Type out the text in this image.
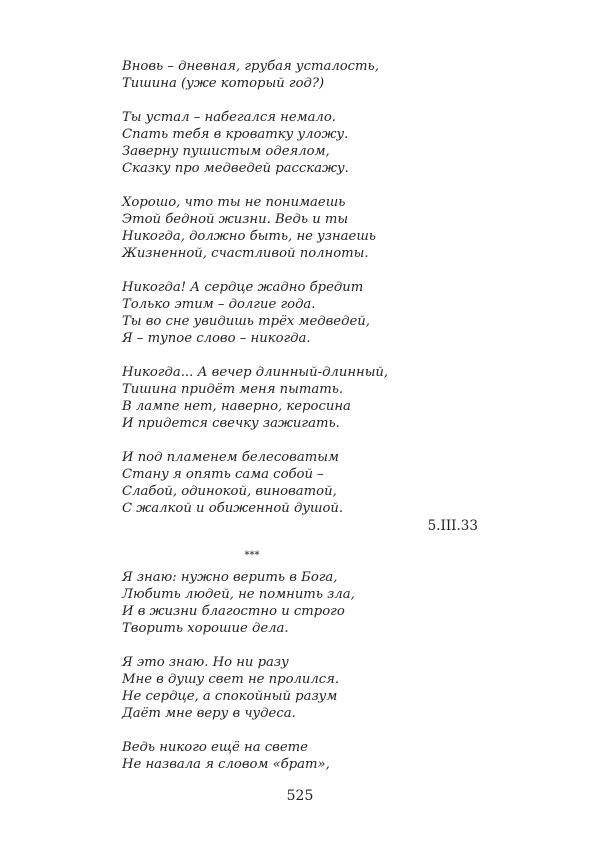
Вновь – дневная, грубая усталость,
Тишина (уже который год?)
Ты устал – набегался немало.
Спать тебя в кроватку уложу.
Заверну пушистым одеялом,
Сказку про медведей расскажу.
Хорошо, что ты не понимаешь
Этой бедной жизни. Ведь и ты
Никогда, должно быть, не узнаешь
Жизненной, счастливой полноты.
Никогда! А сердце жадно бредит
Только этим – долгие года.
Ты во сне увидишь трёх медведей,
Я – тупое слово – никогда.
Никогда... А вечер длинный-длинный,
Тишина придёт меня пытать.
В лампе нет, наверно, керосина
И придется свечку зажигать.
И под пламенем белесоватым
Стану я опять сама собой –
Слабой, одинокой, виноватой,
С жалкой и обиженной душой.
5.III.33
***
Я знаю: нужно верить в Бога,
Любить людей, не помнить зла,
И в жизни благостно и строго
Творить хорошие дела.
Я это знаю. Но ни разу
Мне в душу свет не пролился.
Не сердце, а спокойный разум
Даёт мне веру в чудеса.
Ведь никого ещё на свете
Не назвала я словом «брат»,
525
